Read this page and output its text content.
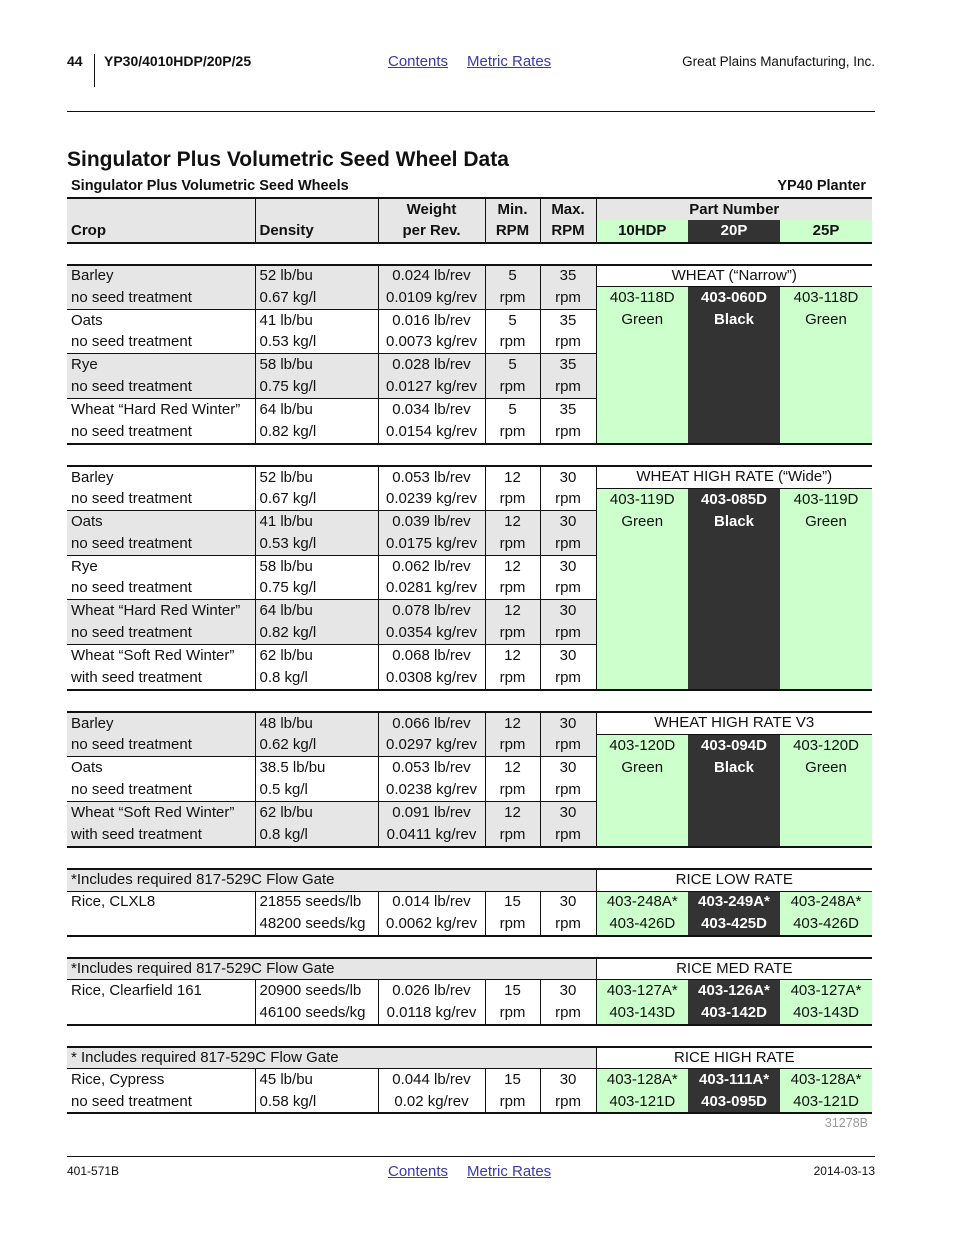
44 YP30/4010HDP/20P/25	Contents Metric Rates	Great Plains Manufacturing, Inc.
Singulator Plus Volumetric Seed Wheel Data
Singulator Plus Volumetric Seed Wheels	YP40 Planter
		Weight	Min.	Max.	Part Number		
Crop	Density	per Rev.	RPM	RPM	10HDP	20P	25P
Barley	52 lb/bu	0.024 lb/rev	5	35	WHEAT (“Narrow”)		
no seed treatment	0.67 kg/l	0.0109 kg/rev	rpm	rpm	403-118D	403-060D	403-118D
Oats	41 lb/bu	0.016 lb/rev	5	35	Green	Black	Green
no seed treatment	0.53 kg/l	0.0073 kg/rev	rpm	rpm			
Rye	58 lb/bu	0.028 lb/rev	5	35			
no seed treatment	0.75 kg/l	0.0127 kg/rev	rpm	rpm			
Wheat “Hard Red Winter”	64 lb/bu	0.034 lb/rev	5	35			
no seed treatment	0.82 kg/l	0.0154 kg/rev	rpm	rpm			
Barley	52 lb/bu	0.053 lb/rev	12	30	WHEAT HIGH RATE (“Wide”)		
no seed treatment	0.67 kg/l	0.0239 kg/rev	rpm	rpm	403-119D	403-085D	403-119D
Oats	41 lb/bu	0.039 lb/rev	12	30	Green	Black	Green
no seed treatment	0.53 kg/l	0.0175 kg/rev	rpm	rpm			
Rye	58 lb/bu	0.062 lb/rev	12	30			
no seed treatment	0.75 kg/l	0.0281 kg/rev	rpm	rpm			
Wheat “Hard Red Winter”	64 lb/bu	0.078 lb/rev	12	30			
no seed treatment	0.82 kg/l	0.0354 kg/rev	rpm	rpm			
Wheat “Soft Red Winter”	62 lb/bu	0.068 lb/rev	12	30			
with seed treatment	0.8 kg/l	0.0308 kg/rev	rpm	rpm			
Barley	48 lb/bu	0.066 lb/rev	12	30	WHEAT HIGH RATE V3		
no seed treatment	0.62 kg/l	0.0297 kg/rev	rpm	rpm	403-120D	403-094D	403-120D
Oats	38.5 lb/bu	0.053 lb/rev	12	30	Green	Black	Green
no seed treatment	0.5 kg/l	0.0238 kg/rev	rpm	rpm			
Wheat “Soft Red Winter”	62 lb/bu	0.091 lb/rev	12	30			
with seed treatment	0.8 kg/l	0.0411 kg/rev	rpm	rpm			
*Includes required 817-529C Flow Gate					RICE LOW RATE		
Rice, CLXL8	21855 seeds/lb	0.014 lb/rev	15	30	403-248A*	403-249A*	403-248A*
	48200 seeds/kg	0.0062 kg/rev	rpm	rpm	403-426D	403-425D	403-426D
*Includes required 817-529C Flow Gate					RICE MED RATE		
Rice, Clearfield 161	20900 seeds/lb	0.026 lb/rev	15	30	403-127A*	403-126A*	403-127A*
	46100 seeds/kg	0.0118 kg/rev	rpm	rpm	403-143D	403-142D	403-143D
* Includes required 817-529C Flow Gate					RICE HIGH RATE		
Rice, Cypress	45 lb/bu	0.044 lb/rev	15	30	403-128A*	403-111A*	403-128A*
no seed treatment	0.58 kg/l	0.02 kg/rev	rpm	rpm	403-121D	403-095D	403-121D
31278B
401-571B	Contents Metric Rates	2014-03-13
